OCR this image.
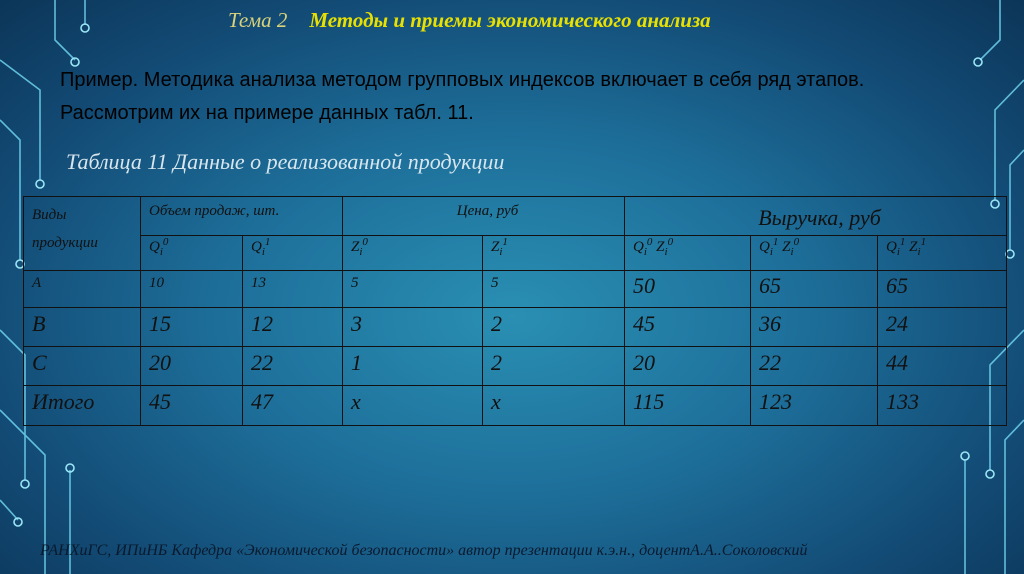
Тема 2 Методы и приемы экономического анализа
Пример. Методика анализа методом групповых индексов включает в себя ряд этапов.
Рассмотрим их на примере данных табл. 11.
Таблица 11 Данные о реализованной продукции
Виды
продукции	Объем продаж, шт.		Цена, руб		Выручка, руб		
	$Q_i^0$	$Q_i^1$	$Z_i^0$	$Z_i^1$	$Q_i^0$ $Z_i^0$	$Q_i^1$ $Z_i^0$	$Q_i^1$ $Z_i^1$
А	10	13	5	5	50	65	65
В	15	12	3	2	45	36	24
С	20	22	1	2	20	22	44
Итого	45	47	х	х	115	123	133
РАНХиГС, ИПиНБ Кафедра «Экономической безопасности» автор презентации к.э.н., доцентА.А..Соколовский
